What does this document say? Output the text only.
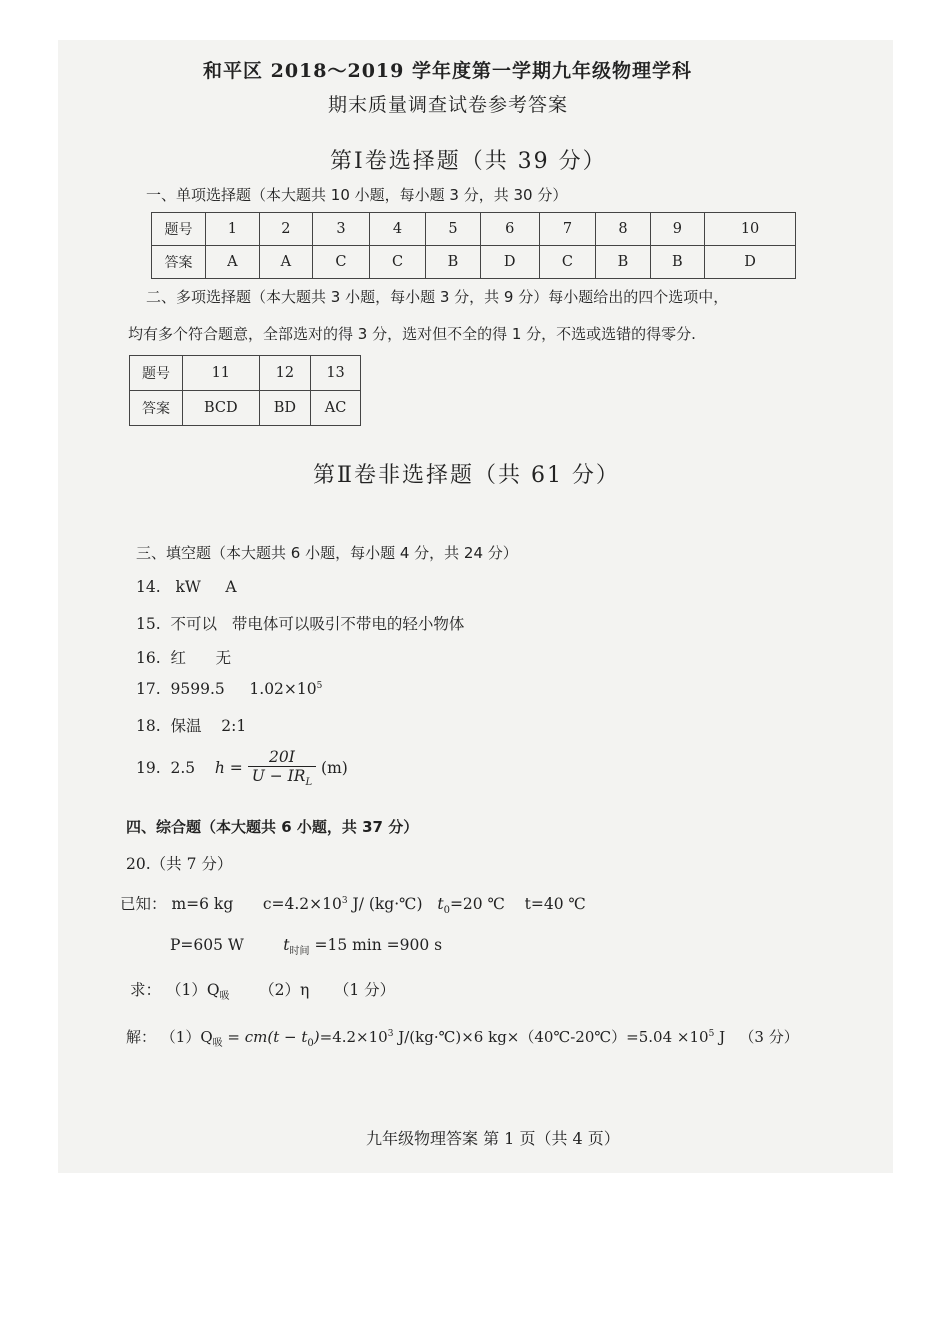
和平区 2018～2019 学年度第一学期九年级物理学科
期末质量调查试卷参考答案
第Ⅰ卷选择题（共 39 分）
一、单项选择题（本大题共 10 小题，每小题 3 分，共 30 分）
题号	1	2	3	4	5	6	7	8	9	10
答案	A	A	C	C	B	D	C	B	B	D
二、多项选择题（本大题共 3 小题，每小题 3 分，共 9 分）每小题给出的四个选项中，
均有多个符合题意，全部选对的得 3 分，选对但不全的得 1 分，不选或选错的得零分.
题号	11	12	13
答案	BCD	BD	AC
第Ⅱ卷非选择题（共 61 分）
三、填空题（本大题共 6 小题，每小题 4 分，共 24 分）
14. kW A
15. 不可以 带电体可以吸引不带电的轻小物体
16. 红 无
17. 9599.5 $1.02\times 10^5$
18. 保温 2:1
19. 2.5 $h = \frac{20I}{U - IR_L} (m)$
四、综合题（本大题共 6 小题，共 37 分）
20.（共 7 分）
已知： m=6 kg $c=4.2\times 10^3$ J/ (kg·℃) $t_0=20$ ℃ t=40 ℃
P=605 W	$t_{时间} =15$ min =900 s
求： $(1)Q_吸$ （2）η （1 分）
解： $(1)Q_吸 = cm(t - t_0)=4.2\times 10^3$ J/(kg·℃)×6 kg×（40℃-20℃）=5.04 $\times 10^5$ J （3 分）
九年级物理答案 第 1 页（共 4 页）
